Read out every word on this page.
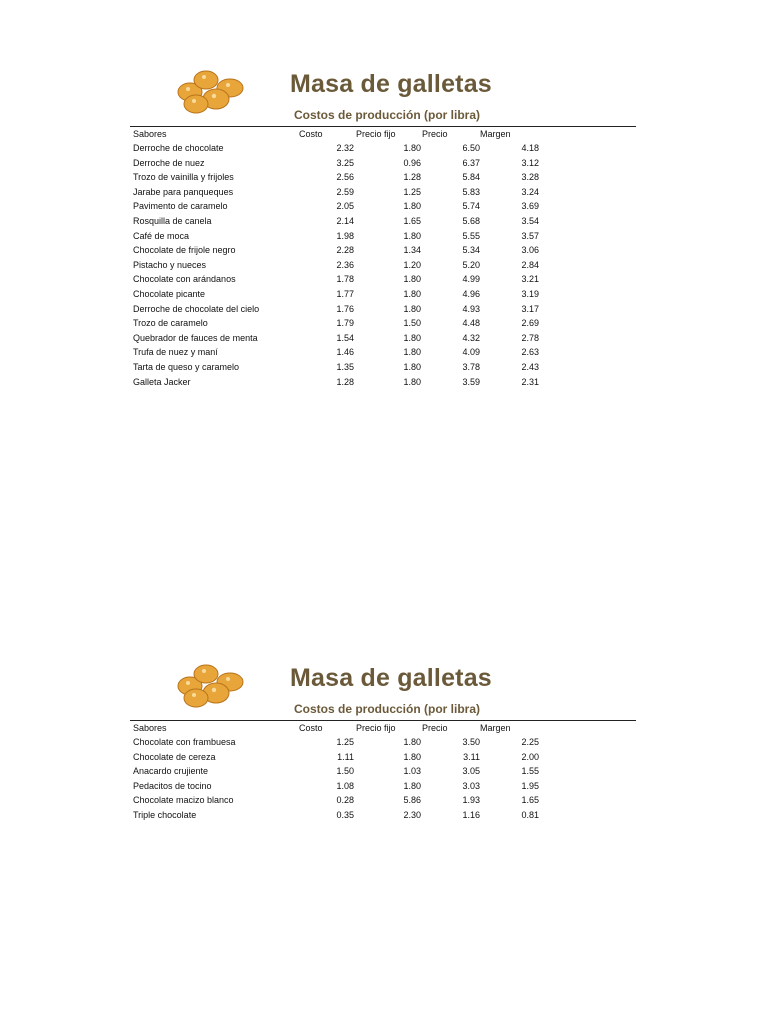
Masa de galletas
Costos de producción (por libra)
Sabores	Costo	Precio fijo	Precio	Margen
Derroche de chocolate	2.32	1.80	6.50	4.18
Derroche de nuez	3.25	0.96	6.37	3.12
Trozo de vainilla y frijoles	2.56	1.28	5.84	3.28
Jarabe para panqueques	2.59	1.25	5.83	3.24
Pavimento de caramelo	2.05	1.80	5.74	3.69
Rosquilla de canela	2.14	1.65	5.68	3.54
Café de moca	1.98	1.80	5.55	3.57
Chocolate de frijole negro	2.28	1.34	5.34	3.06
Pistacho y nueces	2.36	1.20	5.20	2.84
Chocolate con arándanos	1.78	1.80	4.99	3.21
Chocolate picante	1.77	1.80	4.96	3.19
Derroche de chocolate del cielo	1.76	1.80	4.93	3.17
Trozo de caramelo	1.79	1.50	4.48	2.69
Quebrador de fauces de menta	1.54	1.80	4.32	2.78
Trufa de nuez y maní	1.46	1.80	4.09	2.63
Tarta de queso y caramelo	1.35	1.80	3.78	2.43
Galleta Jacker	1.28	1.80	3.59	2.31
Masa de galletas
Costos de producción (por libra)
Sabores	Costo	Precio fijo	Precio	Margen
Chocolate con frambuesa	1.25	1.80	3.50	2.25
Chocolate de cereza	1.11	1.80	3.11	2.00
Anacardo crujiente	1.50	1.03	3.05	1.55
Pedacitos de tocino	1.08	1.80	3.03	1.95
Chocolate macizo blanco	0.28	5.86	1.93	1.65
Triple chocolate	0.35	2.30	1.16	0.81
